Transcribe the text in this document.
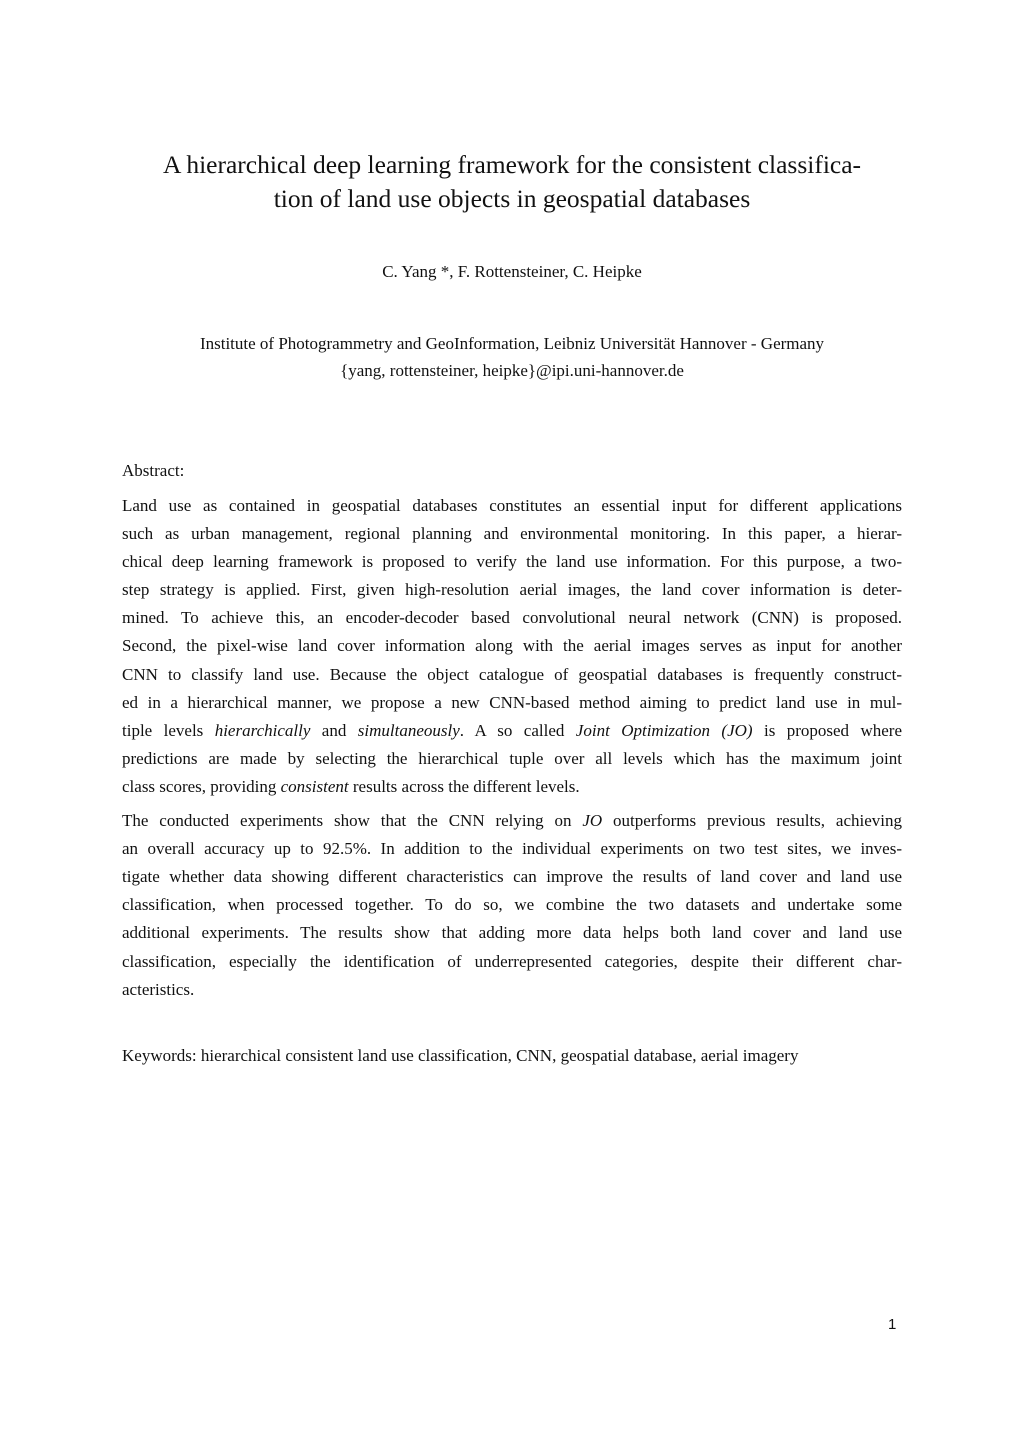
A hierarchical deep learning framework for the consistent classifica-
tion of land use objects in geospatial databases
C. Yang *, F. Rottensteiner, C. Heipke
Institute of Photogrammetry and GeoInformation, Leibniz Universität Hannover - Germany
{yang, rottensteiner, heipke}@ipi.uni-hannover.de
Abstract:
Land use as contained in geospatial databases constitutes an essential input for different applications
such as urban management, regional planning and environmental monitoring. In this paper, a hierar-
chical deep learning framework is proposed to verify the land use information. For this purpose, a two-
step strategy is applied. First, given high-resolution aerial images, the land cover information is deter-
mined. To achieve this, an encoder-decoder based convolutional neural network (CNN) is proposed.
Second, the pixel-wise land cover information along with the aerial images serves as input for another
CNN to classify land use. Because the object catalogue of geospatial databases is frequently construct-
ed in a hierarchical manner, we propose a new CNN-based method aiming to predict land use in mul-
tiple levels hierarchically and simultaneously. A so called Joint Optimization (JO) is proposed where
predictions are made by selecting the hierarchical tuple over all levels which has the maximum joint
class scores, providing consistent results across the different levels.
The conducted experiments show that the CNN relying on JO outperforms previous results, achieving
an overall accuracy up to 92.5%. In addition to the individual experiments on two test sites, we inves-
tigate whether data showing different characteristics can improve the results of land cover and land use
classification, when processed together. To do so, we combine the two datasets and undertake some
additional experiments. The results show that adding more data helps both land cover and land use
classification, especially the identification of underrepresented categories, despite their different char-
acteristics.
Keywords: hierarchical consistent land use classification, CNN, geospatial database, aerial imagery
1
